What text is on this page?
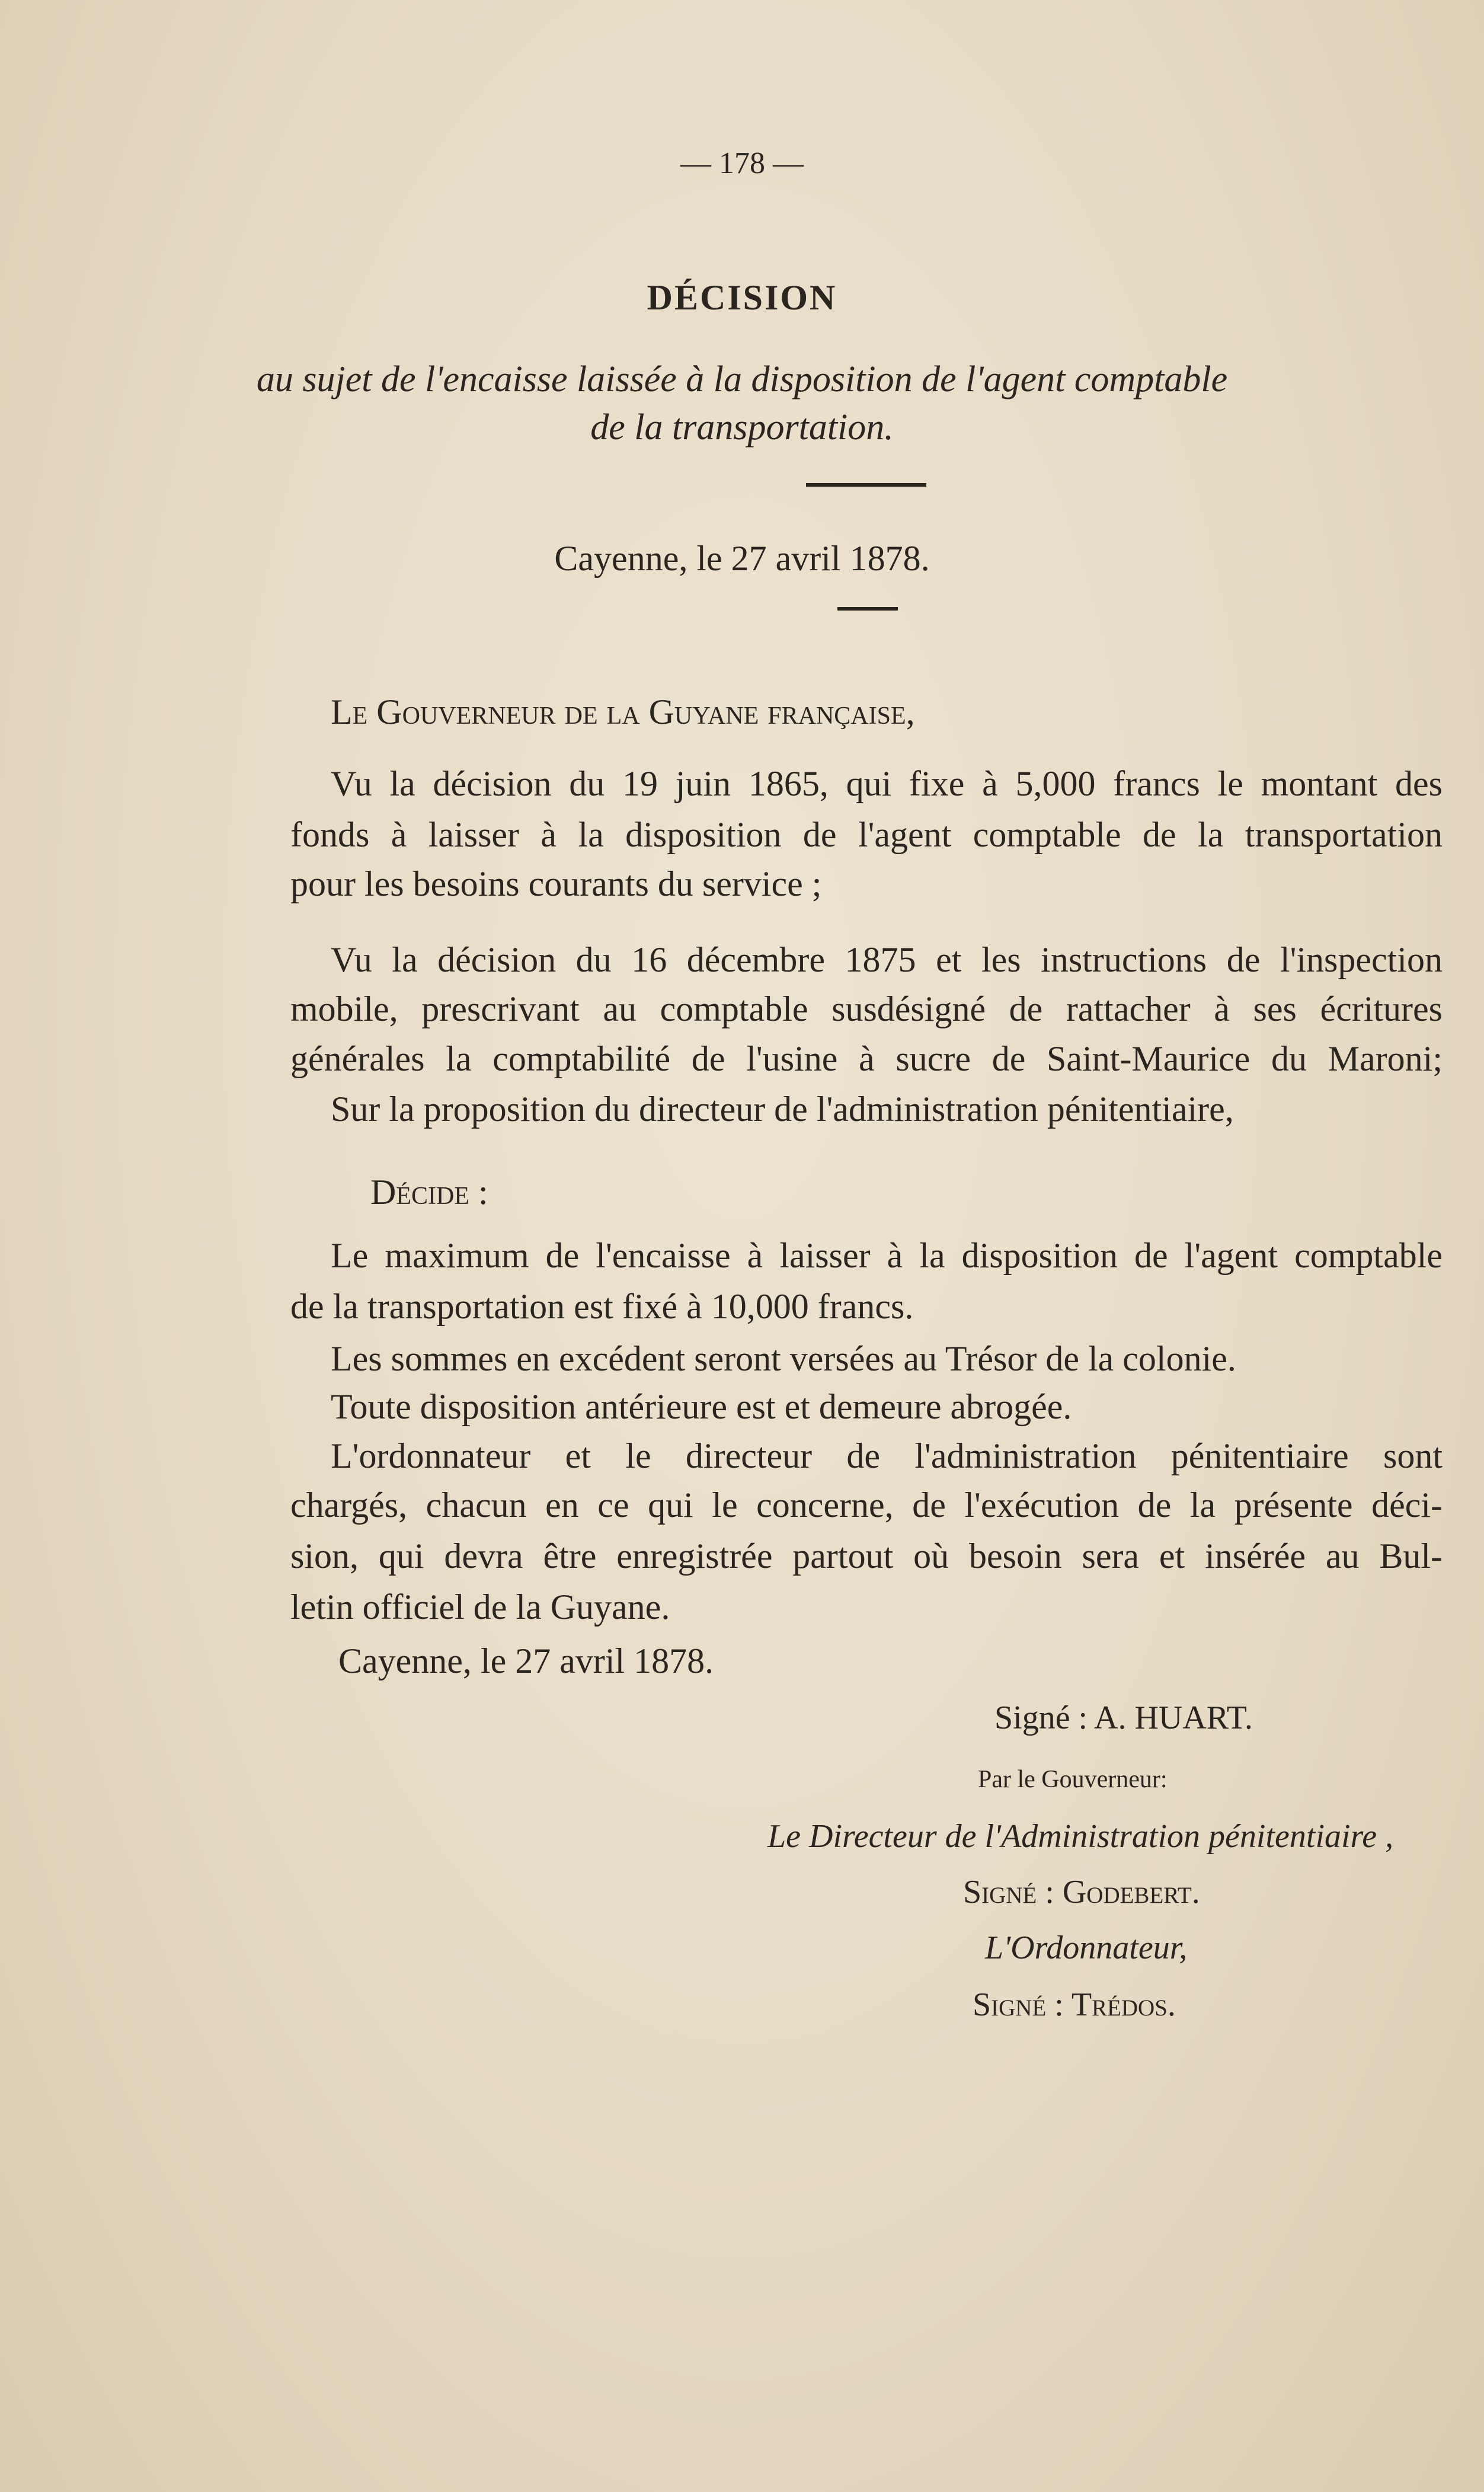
— 178 —
DÉCISION
au sujet de l'encaisse laissée à la disposition de l'agent comptable
de la transportation.
Cayenne, le 27 avril 1878.
Le Gouverneur de la Guyane française,
Vu la décision du 19 juin 1865, qui fixe à 5,000 francs le montant des
fonds à laisser à la disposition de l'agent comptable de la transportation
pour les besoins courants du service ;
Vu la décision du 16 décembre 1875 et les instructions de l'inspection
mobile, prescrivant au comptable susdésigné de rattacher à ses écritures
générales la comptabilité de l'usine à sucre de Saint-Maurice du Maroni;
Sur la proposition du directeur de l'administration pénitentiaire,
Décide :
Le maximum de l'encaisse à laisser à la disposition de l'agent comptable
de la transportation est fixé à 10,000 francs.
Les sommes en excédent seront versées au Trésor de la colonie.
Toute disposition antérieure est et demeure abrogée.
L'ordonnateur et le directeur de l'administration pénitentiaire sont
chargés, chacun en ce qui le concerne, de l'exécution de la présente déci-
sion, qui devra être enregistrée partout où besoin sera et insérée au Bul-
letin officiel de la Guyane.
Cayenne, le 27 avril 1878.
Signé : A. HUART.
Par le Gouverneur:
Le Directeur de l'Administration pénitentiaire ,
Signé : Godebert.
L'Ordonnateur,
Signé : Trédos.
